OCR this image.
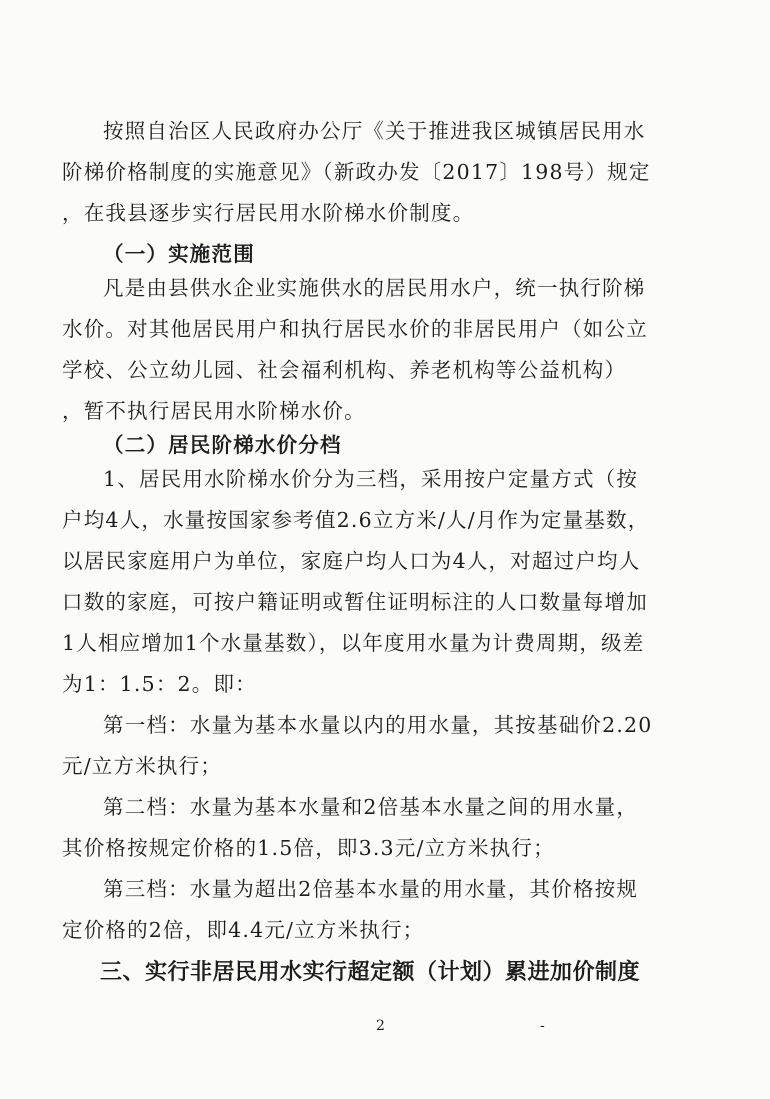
按照自治区人民政府办公厅《关于推进我区城镇居民用水
阶梯价格制度的实施意见》（新政办发〔2017〕198号）规定
，在我县逐步实行居民用水阶梯水价制度。
（一）实施范围
凡是由县供水企业实施供水的居民用水户，统一执行阶梯
水价。对其他居民用户和执行居民水价的非居民用户（如公立
学校、公立幼儿园、社会福利机构、养老机构等公益机构）
，暂不执行居民用水阶梯水价。
（二）居民阶梯水价分档
1、居民用水阶梯水价分为三档，采用按户定量方式（按
户均4人，水量按国家参考值2.6立方米/人/月作为定量基数，
以居民家庭用户为单位，家庭户均人口为4人，对超过户均人
口数的家庭，可按户籍证明或暂住证明标注的人口数量每增加
1人相应增加1个水量基数），以年度用水量为计费周期，级差
为1：1.5：2。即：
第一档：水量为基本水量以内的用水量，其按基础价2.20
元/立方米执行；
第二档：水量为基本水量和2倍基本水量之间的用水量，
其价格按规定价格的1.5倍，即3.3元/立方米执行；
第三档：水量为超出2倍基本水量的用水量，其价格按规
定价格的2倍，即4.4元/立方米执行；
三、实行非居民用水实行超定额（计划）累进加价制度
2	-
